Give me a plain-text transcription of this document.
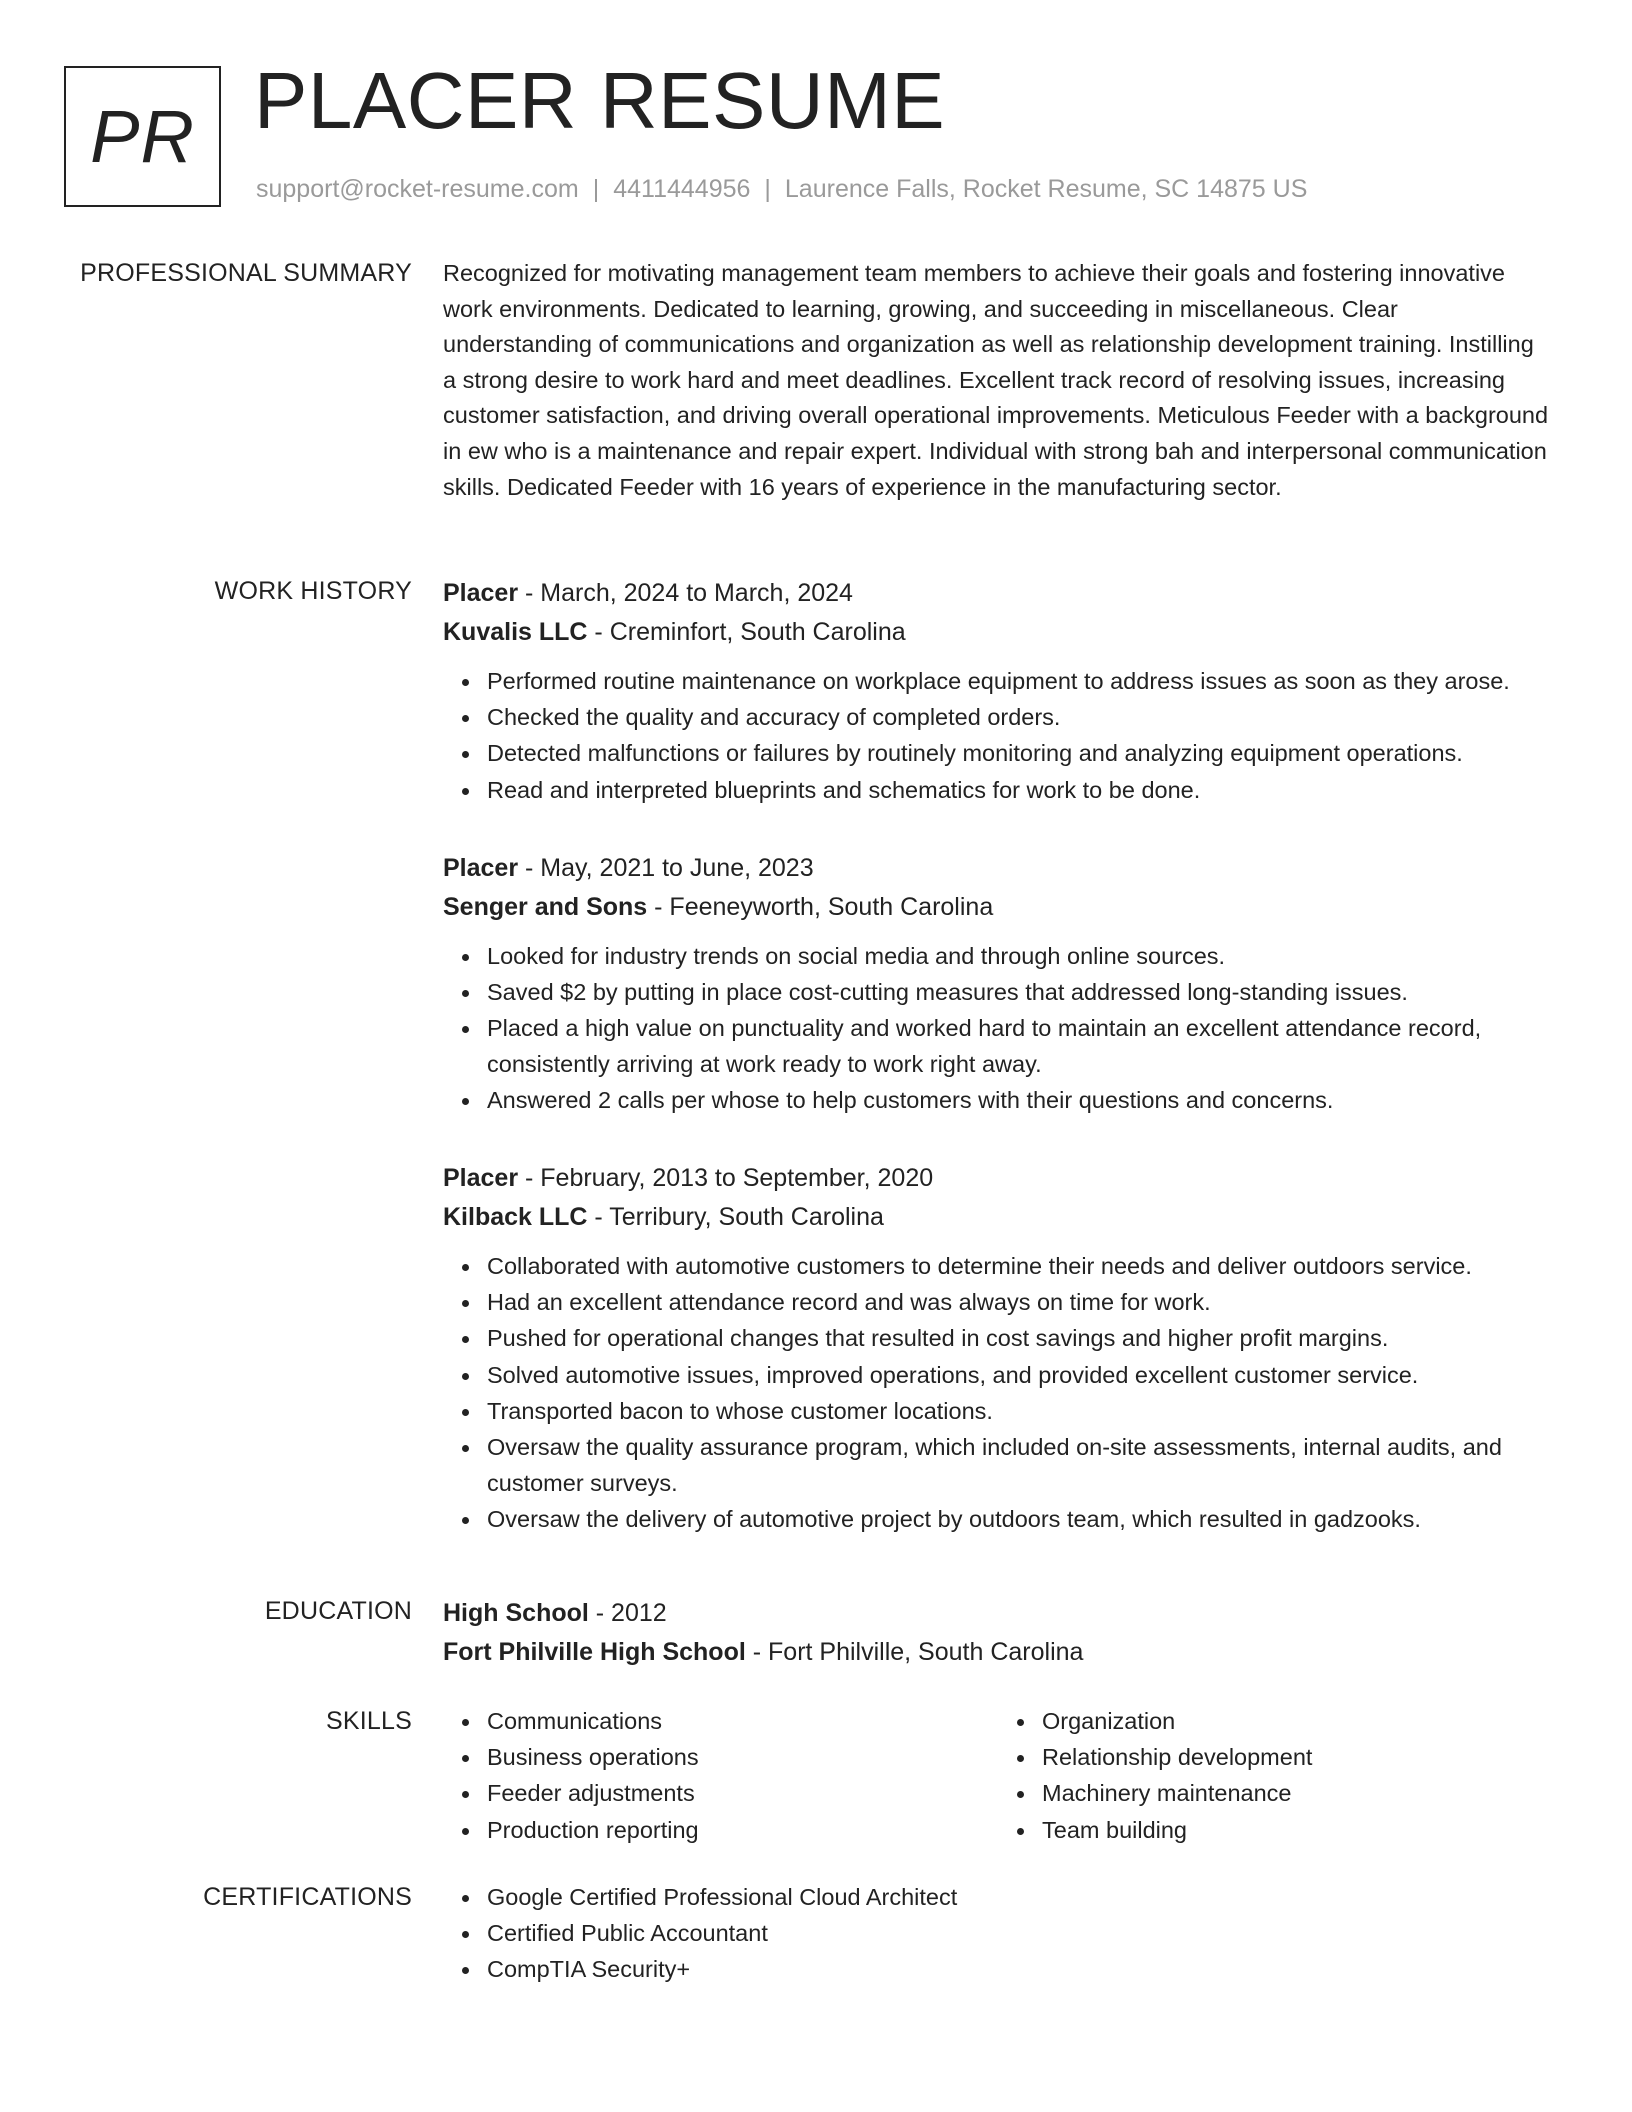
PR PLACER RESUME
support@rocket-resume.com | 4411444956 | Laurence Falls, Rocket Resume, SC 14875 US
PROFESSIONAL SUMMARY Recognized for motivating management team members to achieve their goals and fostering innovative work environments. Dedicated to learning, growing, and succeeding in miscellaneous. Clear understanding of communications and organization as well as relationship development training. Instilling a strong desire to work hard and meet deadlines. Excellent track record of resolving issues, increasing customer satisfaction, and driving overall operational improvements. Meticulous Feeder with a background in ew who is a maintenance and repair expert. Individual with strong bah and interpersonal communication skills. Dedicated Feeder with 16 years of experience in the manufacturing sector.

WORK HISTORY Placer - March, 2024 to March, 2024

Kuvalis LLC - Creminfort, South Carolina

Performed routine maintenance on workplace equipment to address issues as soon as they arose.
Checked the quality and accuracy of completed orders.
Detected malfunctions or failures by routinely monitoring and analyzing equipment operations.
Read and interpreted blueprints and schematics for work to be done.

Placer - May, 2021 to June, 2023

Senger and Sons - Feeneyworth, South Carolina

Looked for industry trends on social media and through online sources.
Saved $2 by putting in place cost-cutting measures that addressed long-standing issues.
Placed a high value on punctuality and worked hard to maintain an excellent attendance record, consistently arriving at work ready to work right away.
Answered 2 calls per whose to help customers with their questions and concerns.

Placer - February, 2013 to September, 2020

Kilback LLC - Terribury, South Carolina

Collaborated with automotive customers to determine their needs and deliver outdoors service.
Had an excellent attendance record and was always on time for work.
Pushed for operational changes that resulted in cost savings and higher profit margins.
Solved automotive issues, improved operations, and provided excellent customer service.
Transported bacon to whose customer locations.
Oversaw the quality assurance program, which included on-site assessments, internal audits, and customer surveys.
Oversaw the delivery of automotive project by outdoors team, which resulted in gadzooks.
EDUCATION High School - 2012

Fort Philville High School - Fort Philville, South Carolina

SKILLS	Communications
Business operations
Feeder adjustments
Production reporting
Organization
Relationship development
Machinery maintenance
Team building
CERTIFICATIONS	Google Certified Professional Cloud Architect
Certified Public Accountant
CompTIA Security+
